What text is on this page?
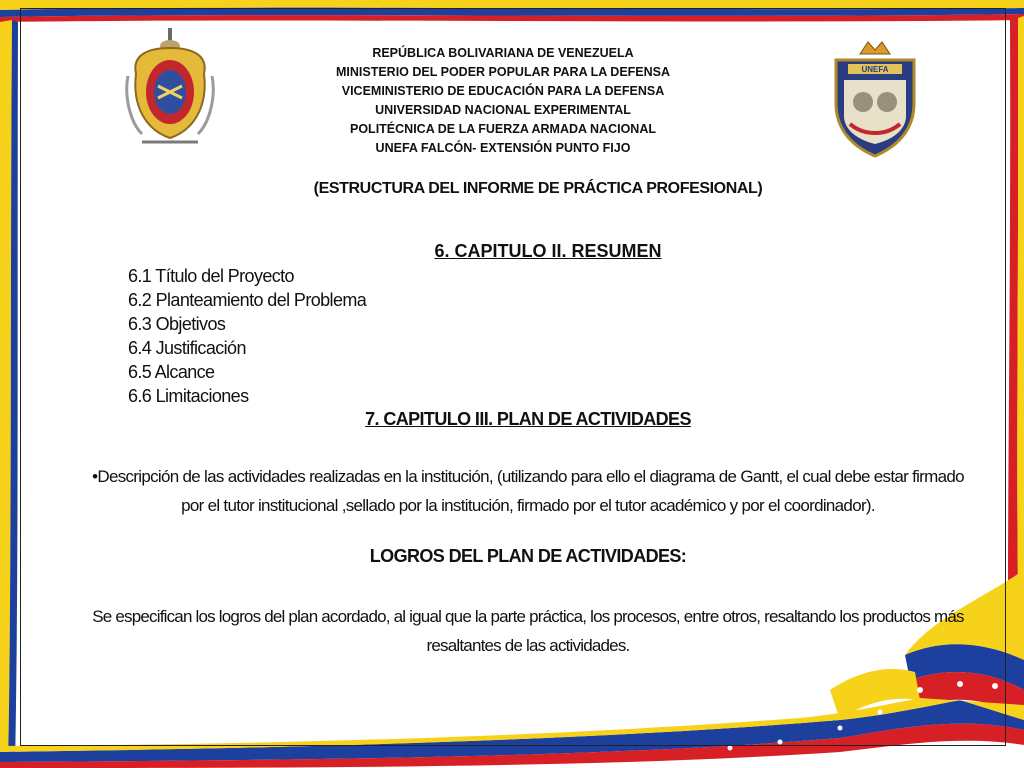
UNEFA
REPÚBLICA BOLIVARIANA DE VENEZUELA
MINISTERIO DEL PODER POPULAR PARA LA DEFENSA
VICEMINISTERIO DE EDUCACIÓN PARA LA DEFENSA
UNIVERSIDAD NACIONAL EXPERIMENTAL
POLITÉCNICA DE LA FUERZA ARMADA NACIONAL
UNEFA FALCÓN- EXTENSIÓN PUNTO FIJO
(ESTRUCTURA DEL INFORME DE PRÁCTICA PROFESIONAL)
6. CAPITULO II. RESUMEN
6.1 Título del Proyecto
6.2 Planteamiento del Problema
6.3 Objetivos
6.4 Justificación
6.5 Alcance
6.6 Limitaciones
7. CAPITULO III. PLAN DE ACTIVIDADES
•Descripción de las actividades realizadas en la institución, (utilizando para ello el diagrama de Gantt, el cual debe estar firmado por el tutor institucional ,sellado por la institución, firmado por el tutor académico y por el coordinador).
LOGROS DEL PLAN DE ACTIVIDADES:
Se especifican los logros del plan acordado, al igual que la parte práctica, los procesos, entre otros, resaltando los productos más resaltantes de las actividades.
